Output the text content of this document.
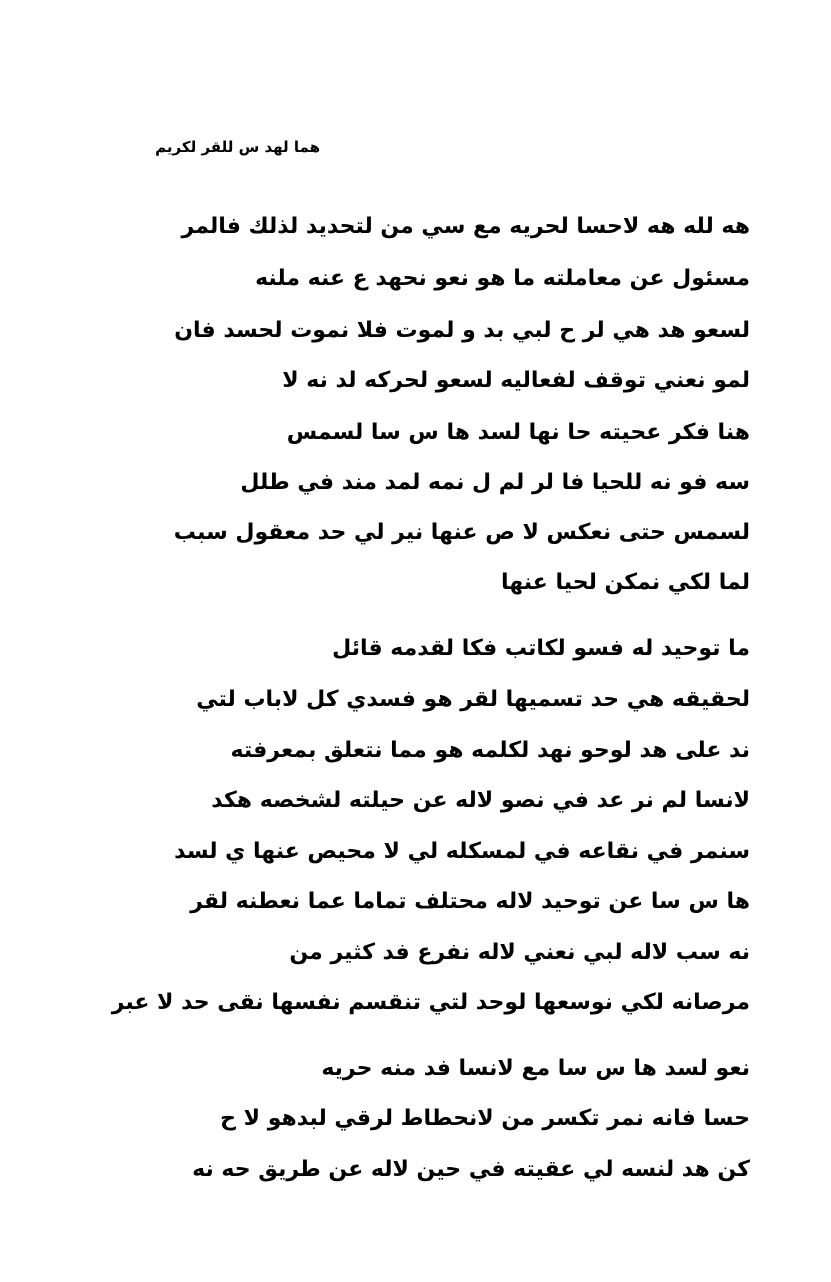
هما لهد س للقر لكريم
هه لله هه لاحسا لحريه مع سي من لتحديد لذلك فالمر
مسئول عن معاملته ما هو نعو نحهد ع عنه ملنه
لسعو هد هي لر ح لبي بد و لموت فلا نموت لحسد فان
لمو نعني توقف لفعاليه لسعو لحركه لد نه لا
هنا فكر عحيته حا نها لسد ها س سا لسمس
سه فو نه للحيا فا لر لم ل نمه لمد مند في طلل
لسمس حتى نعكس لا ص عنها نير لي حد معقول سبب
لما لكي نمكن لحيا عنها
ما توحيد له فسو لكاتب فكا لقدمه قائل
لحقيقه هي حد تسميها لقر هو فسدي كل لاباب لتي
ند على هد لوحو نهد لكلمه هو مما نتعلق بمعرفته
لانسا لم نر عد في نصو لاله عن حيلته لشخصه هكد
سنمر في نقاعه في لمسكله لي لا محيص عنها ي لسد
ها س سا عن توحيد لاله محتلف تماما عما نعطنه لقر
نه سب لاله لبي نعني لاله نفرع فد كثير من
مرصانه لكي نوسعها لوحد لتي تنقسم نفسها نقى حد لا عبر
نعو لسد ها س سا مع لانسا فد منه حريه
حسا فانه نمر تكسر من لانحطاط لرقي لبدهو لا ح
كن هد لنسه لي عقيته في حين لاله عن طريق حه نه
